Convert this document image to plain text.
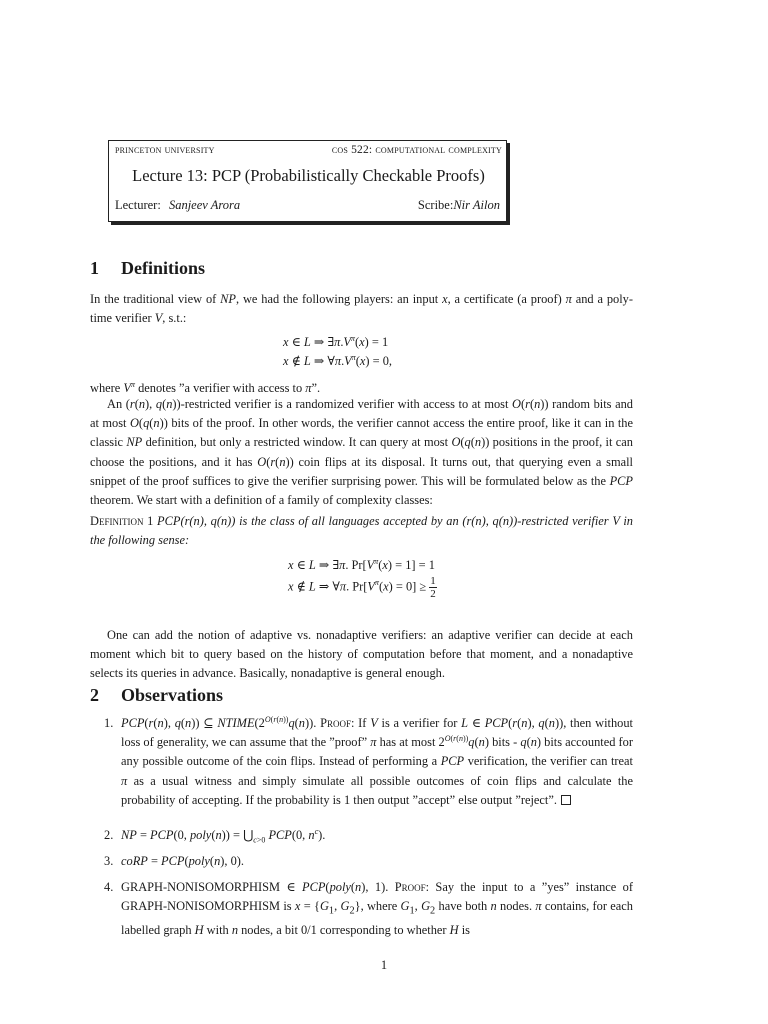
princeton university	cos 522: computational complexity
Lecture 13: PCP (Probabilistically Checkable Proofs)
Lecturer: Sanjeev Arora	Scribe:Nir Ailon
1 Definitions

In the traditional view of NP, we had the following players: an input x, a certificate (a proof) π and a poly-time verifier V, s.t.:

x ∈ L ⇒ $\exists\pi.V^\pi(x) = 1$
x ∉ L ⇒ $\forall\pi.V^\pi(x) = 0$,

where $V^\pi$ denotes ”a verifier with access to π”.

An (r(n), q(n))-restricted verifier is a randomized verifier with access to at most O(r(n)) random bits and at most O(q(n)) bits of the proof. In other words, the verifier cannot access the entire proof, like it can in the classic NP definition, but only a restricted window. It can query at most O(q(n)) positions in the proof, it can choose the positions, and it has O(r(n)) coin flips at its disposal. It turns out, that querying even a small snippet of the proof suffices to give the verifier surprising power. This will be formulated below as the PCP theorem. We start with a definition of a family of complexity classes:

Definition 1 PCP(r(n), q(n)) is the class of all languages accepted by an (r(n), q(n))-restricted verifier V in the following sense:

x ∈ L ⇒ ∃π. $Pr[V^\pi(x) = 1] = 1$
x ∉ L ⇒ ∀π. $Pr[V^\pi(x) = 0] \ge \frac{1}{2}$

One can add the notion of adaptive vs. nonadaptive verifiers: an adaptive verifier can decide at each moment which bit to query based on the history of computation before that moment, and a nonadaptive selects its queries in advance. Basically, nonadaptive is general enough.

2 Observations
1. PCP(r(n), q(n)) ⊆ $NTIME(2^{O(r(n))}q(n))$. Proof: If V is a verifier for L ∈ PCP(r(n), q(n)), then without loss of generality, we can assume that the ”proof” π has at most $2^{O(r(n))}q(n)$ bits - q(n) bits accounted for any possible outcome of the coin flips. Instead of performing a PCP verification, the verifier can treat π as a usual witness and simply simulate all possible outcomes of coin flips and calculate the probability of accepting. If the probability is 1 then output ”accept” else output ”reject”.
2. NP = PCP(0, poly(n)) = $⋃_{c>0}$ PCP(0, $n^c$).
3. coRP = PCP(poly(n), 0).
4. GRAPH-NONISOMORPHISM ∈ PCP(poly(n), 1). Proof: Say the input to a ”yes” instance of GRAPH-NONISOMORPHISM is $x = \{G_1$, $G_2$}, where $G_1$, $G_2$ have both n nodes. π contains, for each labelled graph H with n nodes, a bit 0/1 corresponding to whether H is
1
